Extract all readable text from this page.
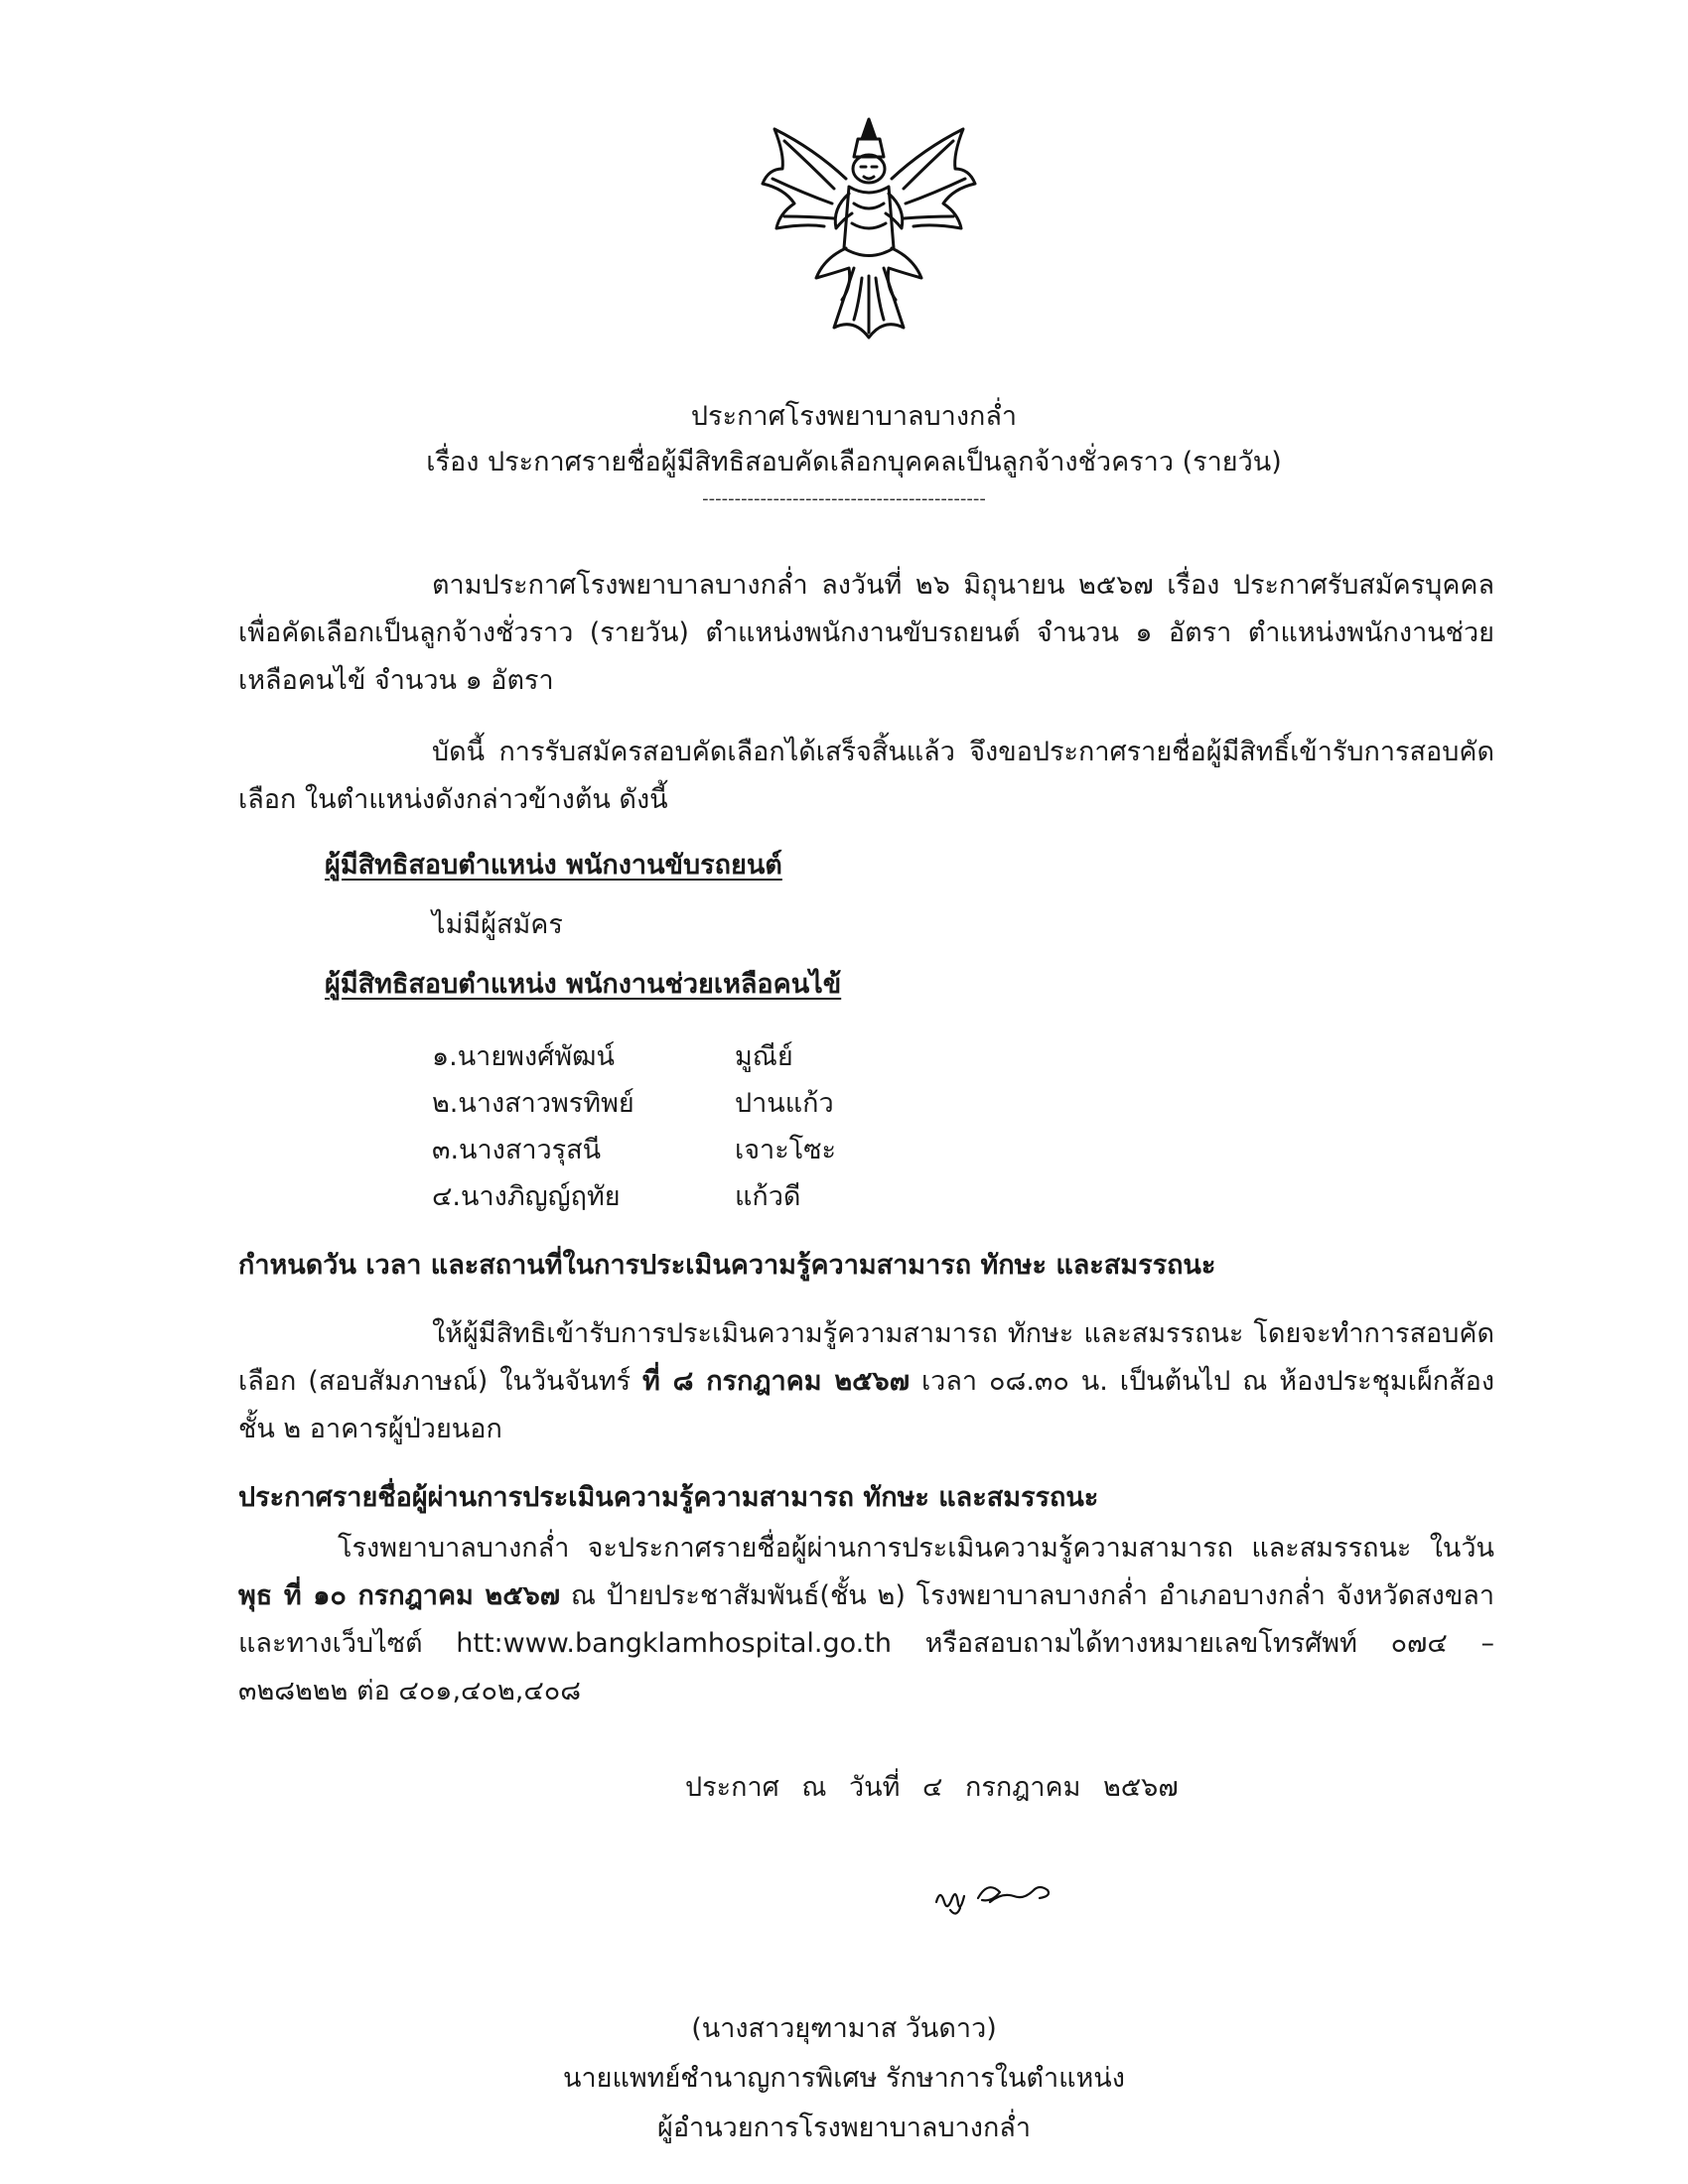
ประกาศโรงพยาบาลบางกล่ำ
เรื่อง ประกาศรายชื่อผู้มีสิทธิสอบคัดเลือกบุคคลเป็นลูกจ้างชั่วคราว (รายวัน)
--------------------------------------------
ตามประกาศโรงพยาบาลบางกล่ำ ลงวันที่ ๒๖ มิถุนายน ๒๕๖๗ เรื่อง ประกาศรับสมัครบุคคลเพื่อคัดเลือกเป็นลูกจ้างชั่วราว (รายวัน) ตำแหน่งพนักงานขับรถยนต์ จำนวน ๑ อัตรา ตำแหน่งพนักงานช่วยเหลือคนไข้ จำนวน ๑ อัตรา
บัดนี้ การรับสมัครสอบคัดเลือกได้เสร็จสิ้นแล้ว จึงขอประกาศรายชื่อผู้มีสิทธิ์เข้ารับการสอบคัดเลือก ในตำแหน่งดังกล่าวข้างต้น ดังนี้
ผู้มีสิทธิสอบตำแหน่ง พนักงานขับรถยนต์
ไม่มีผู้สมัคร
ผู้มีสิทธิสอบตำแหน่ง พนักงานช่วยเหลือคนไข้
๑.นายพงศ์พัฒน์	มูณีย์
๒.นางสาวพรทิพย์	ปานแก้ว
๓.นางสาวรุสนี	เจาะโซะ
๔.นางภิญญ์ฤทัย	แก้วดี
กำหนดวัน เวลา และสถานที่ในการประเมินความรู้ความสามารถ ทักษะ และสมรรถนะ
ให้ผู้มีสิทธิเข้ารับการประเมินความรู้ความสามารถ ทักษะ และสมรรถนะ โดยจะทำการสอบคัดเลือก (สอบสัมภาษณ์) ในวันจันทร์ ที่ ๘ กรกฎาคม ๒๕๖๗ เวลา ๐๘.๓๐ น. เป็นต้นไป ณ ห้องประชุมเผ็กส้อง ชั้น ๒ อาคารผู้ป่วยนอก
ประกาศรายชื่อผู้ผ่านการประเมินความรู้ความสามารถ ทักษะ และสมรรถนะ
โรงพยาบาลบางกล่ำ จะประกาศรายชื่อผู้ผ่านการประเมินความรู้ความสามารถ และสมรรถนะ ในวัน พุธ ที่ ๑๐ กรกฎาคม ๒๕๖๗ ณ ป้ายประชาสัมพันธ์(ชั้น ๒) โรงพยาบาลบางกล่ำ อำเภอบางกล่ำ จังหวัดสงขลา และทางเว็บไซต์ htt:www.bangklamhospital.go.th หรือสอบถามได้ทางหมายเลขโทรศัพท์ ๐๗๔ – ๓๒๘๒๒๒ ต่อ ๔๐๑,๔๐๒,๔๐๘
ประกาศ ณ วันที่ ๔ กรกฎาคม ๒๕๖๗
(นางสาวยุฑามาส วันดาว)
นายแพทย์ชำนาญการพิเศษ รักษาการในตำแหน่ง
ผู้อำนวยการโรงพยาบาลบางกล่ำ
